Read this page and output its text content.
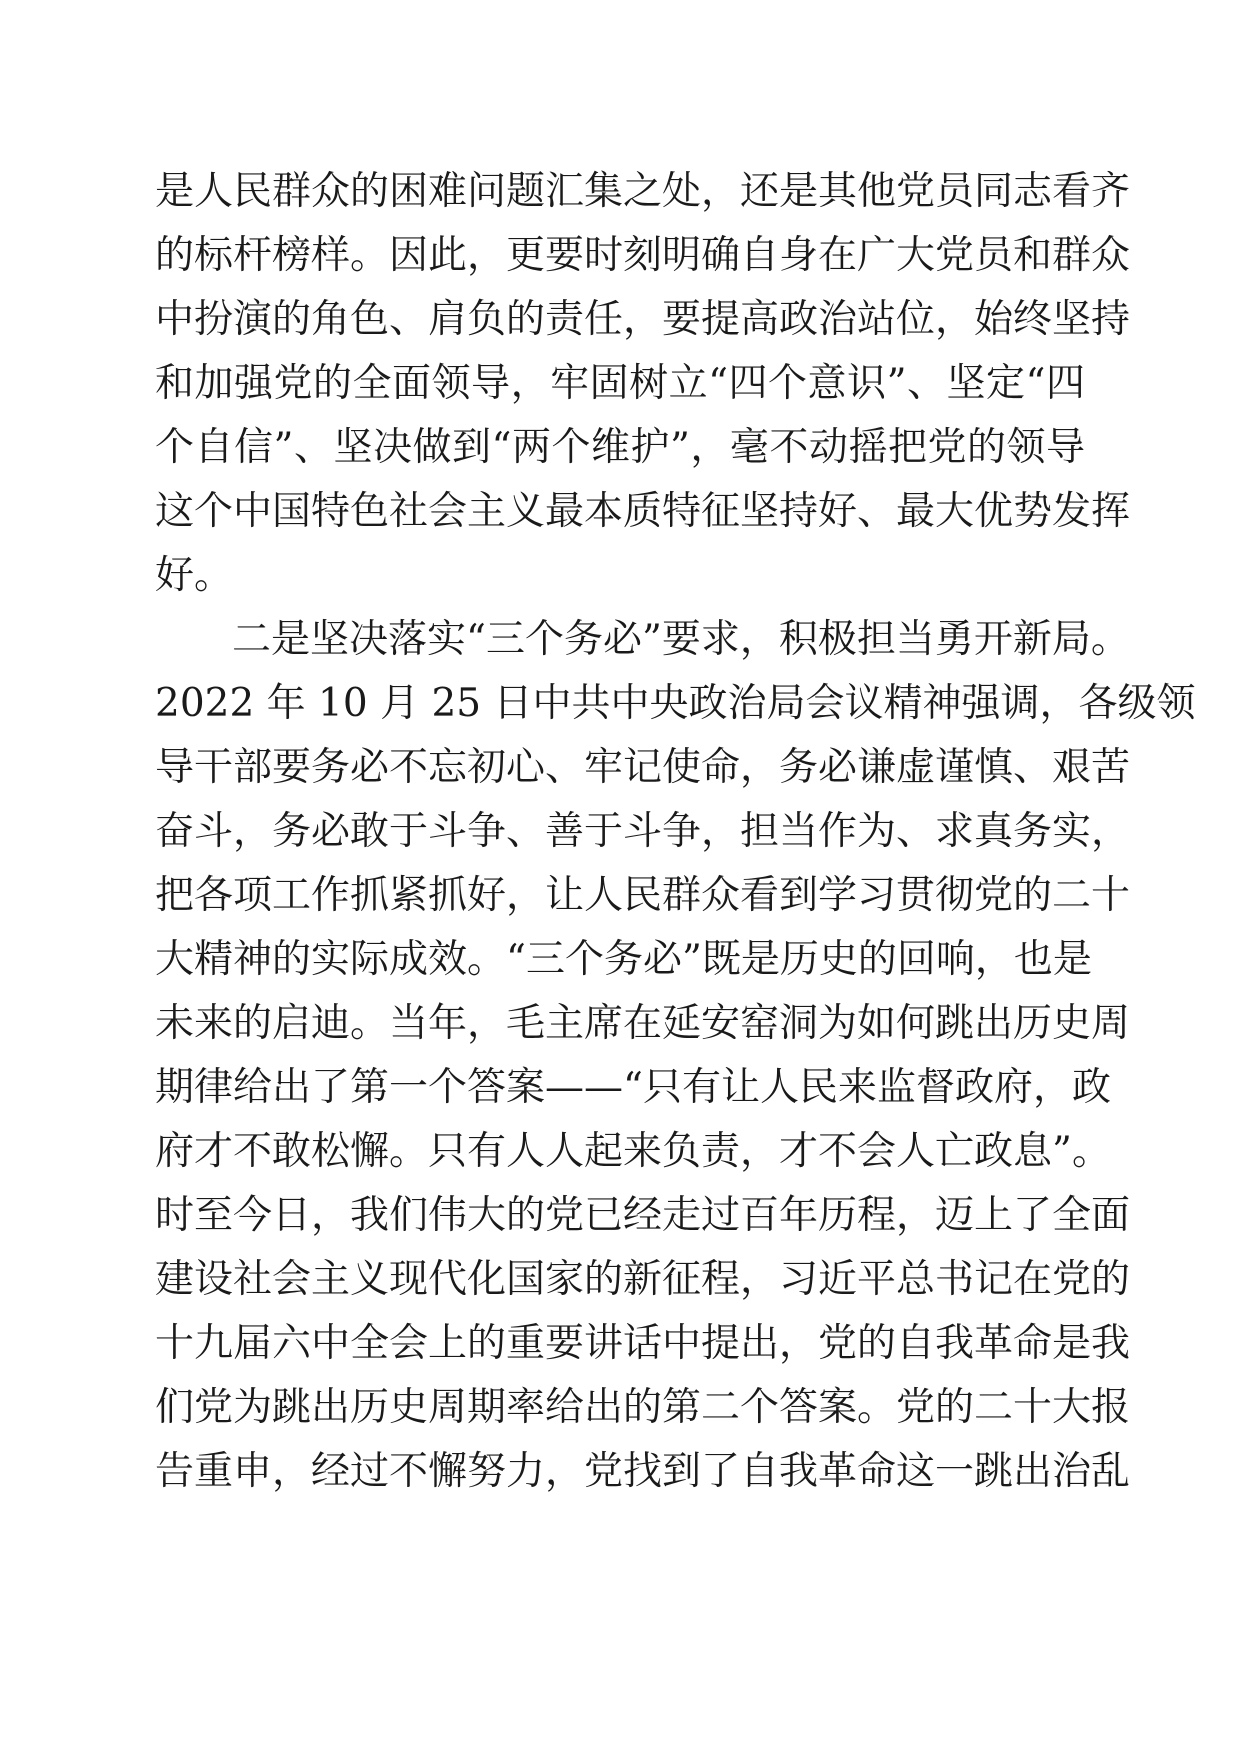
是人民群众的困难问题汇集之处，还是其他党员同志看齐

的标杆榜样。因此，更要时刻明确自身在广大党员和群众

中扮演的角色、肩负的责任，要提高政治站位，始终坚持

和加强党的全面领导，牢固树立“四个意识”、坚定“四

个自信”、坚决做到“两个维护”，毫不动摇把党的领导

这个中国特色社会主义最本质特征坚持好、最大优势发挥

好。

二是坚决落实“三个务必”要求，积极担当勇开新局。

2022 年 10 月 25 日中共中央政治局会议精神强调，各级领

导干部要务必不忘初心、牢记使命，务必谦虚谨慎、艰苦

奋斗，务必敢于斗争、善于斗争，担当作为、求真务实，

把各项工作抓紧抓好，让人民群众看到学习贯彻党的二十

大精神的实际成效。“三个务必”既是历史的回响，也是

未来的启迪。当年，毛主席在延安窑洞为如何跳出历史周

期律给出了第一个答案——“只有让人民来监督政府，政

府才不敢松懈。只有人人起来负责，才不会人亡政息”。

时至今日，我们伟大的党已经走过百年历程，迈上了全面

建设社会主义现代化国家的新征程，习近平总书记在党的

十九届六中全会上的重要讲话中提出，党的自我革命是我

们党为跳出历史周期率给出的第二个答案。党的二十大报

告重申，经过不懈努力，党找到了自我革命这一跳出治乱
